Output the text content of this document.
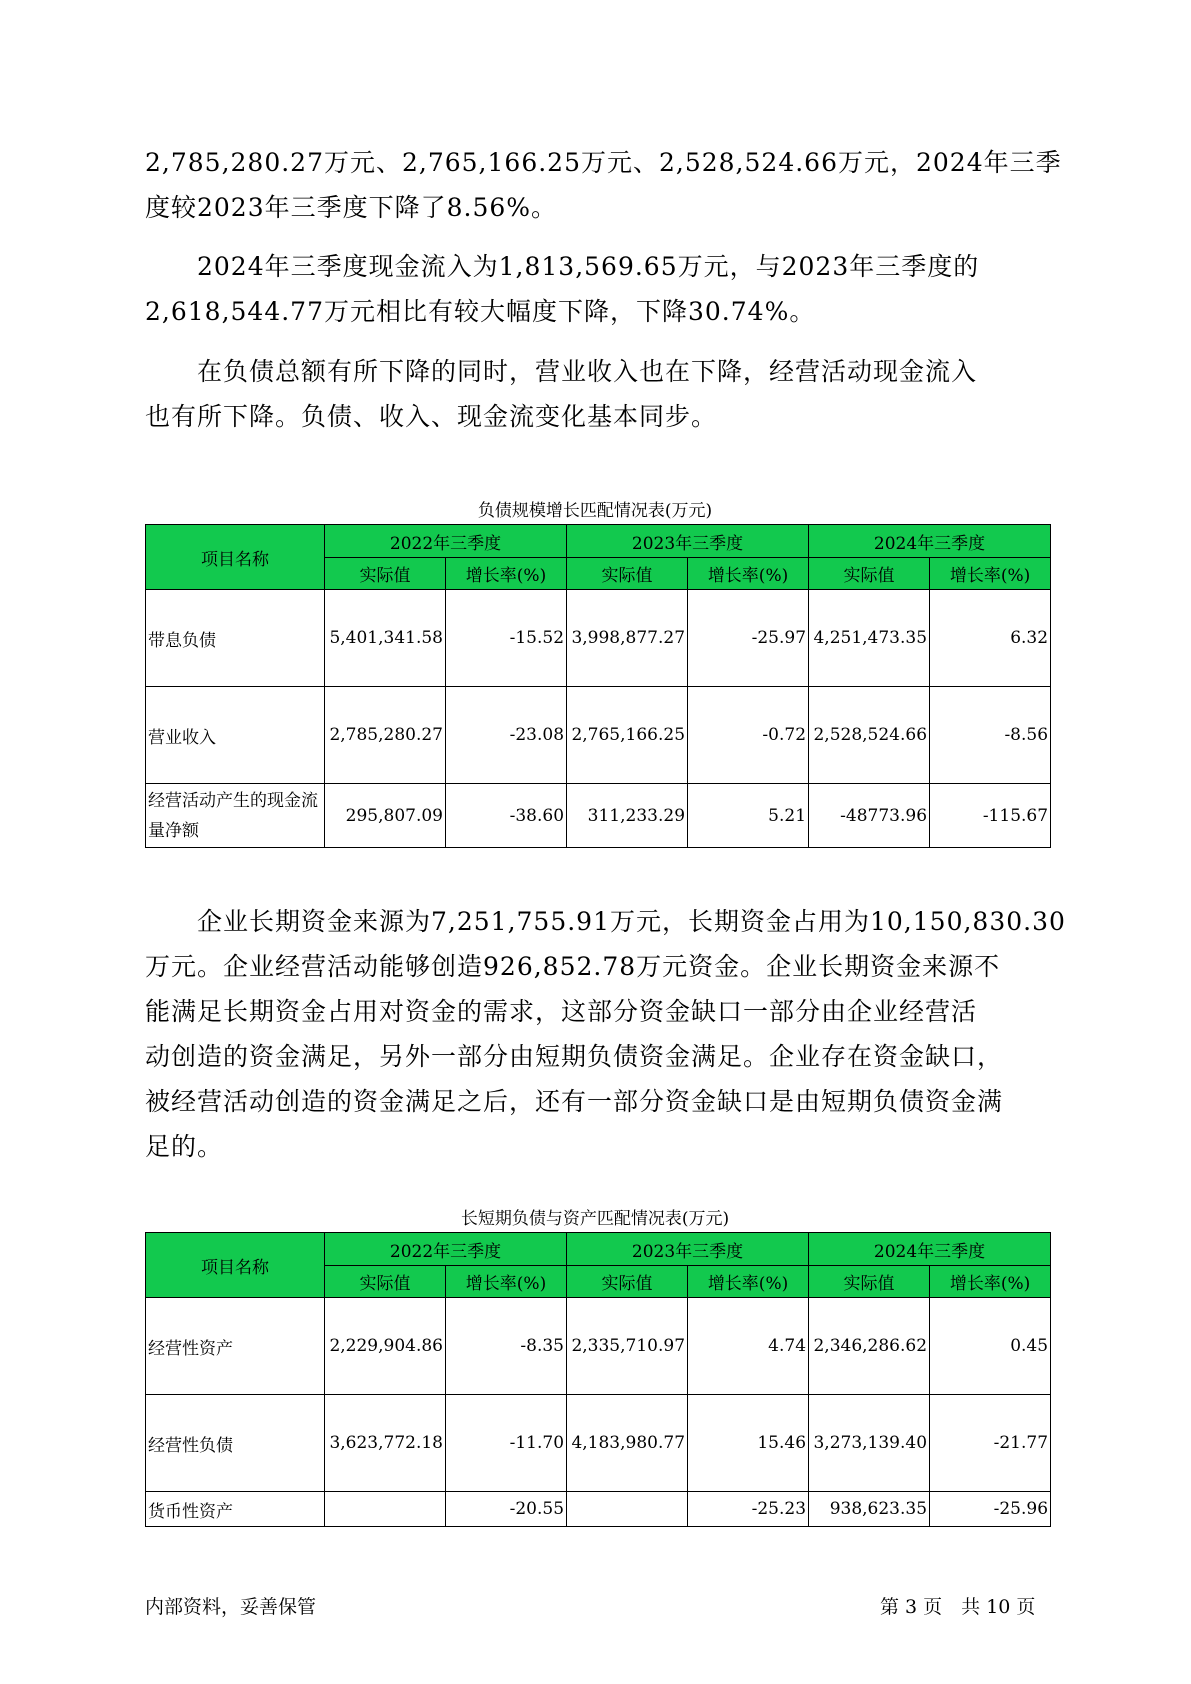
2,785,280.27万元、2,765,166.25万元、2,528,524.66万元，2024年三季
度较2023年三季度下降了8.56%。
　　2024年三季度现金流入为1,813,569.65万元，与2023年三季度的
2,618,544.77万元相比有较大幅度下降，下降30.74%。
　　在负债总额有所下降的同时，营业收入也在下降，经营活动现金流入
也有所下降。负债、收入、现金流变化基本同步。

负债规模增长匹配情况表(万元)

项目名称	2022年三季度		2023年三季度		2024年三季度	
	实际值	增长率(%)	实际值	增长率(%)	实际值	增长率(%)
带息负债	5,401,341.58	-15.52	3,998,877.27	-25.97	4,251,473.35	6.32
营业收入	2,785,280.27	-23.08	2,765,166.25	-0.72	2,528,524.66	-8.56
经营活动产生的现金流量净额	295,807.09	-38.60	311,233.29	5.21	-48773.96	-115.67
　　企业长期资金来源为7,251,755.91万元，长期资金占用为10,150,830.30
万元。企业经营活动能够创造926,852.78万元资金。企业长期资金来源不
能满足长期资金占用对资金的需求，这部分资金缺口一部分由企业经营活
动创造的资金满足，另外一部分由短期负债资金满足。企业存在资金缺口，
被经营活动创造的资金满足之后，还有一部分资金缺口是由短期负债资金满
足的。

长短期负债与资产匹配情况表(万元)

项目名称	2022年三季度		2023年三季度		2024年三季度	
	实际值	增长率(%)	实际值	增长率(%)	实际值	增长率(%)
经营性资产	2,229,904.86	-8.35	2,335,710.97	4.74	2,346,286.62	0.45
经营性负债	3,623,772.18	-11.70	4,183,980.77	15.46	3,273,139.40	-21.77
货币性资产		-20.55		-25.23	938,623.35	-25.96
内部资料，妥善保管	第 3 页　共 10 页
